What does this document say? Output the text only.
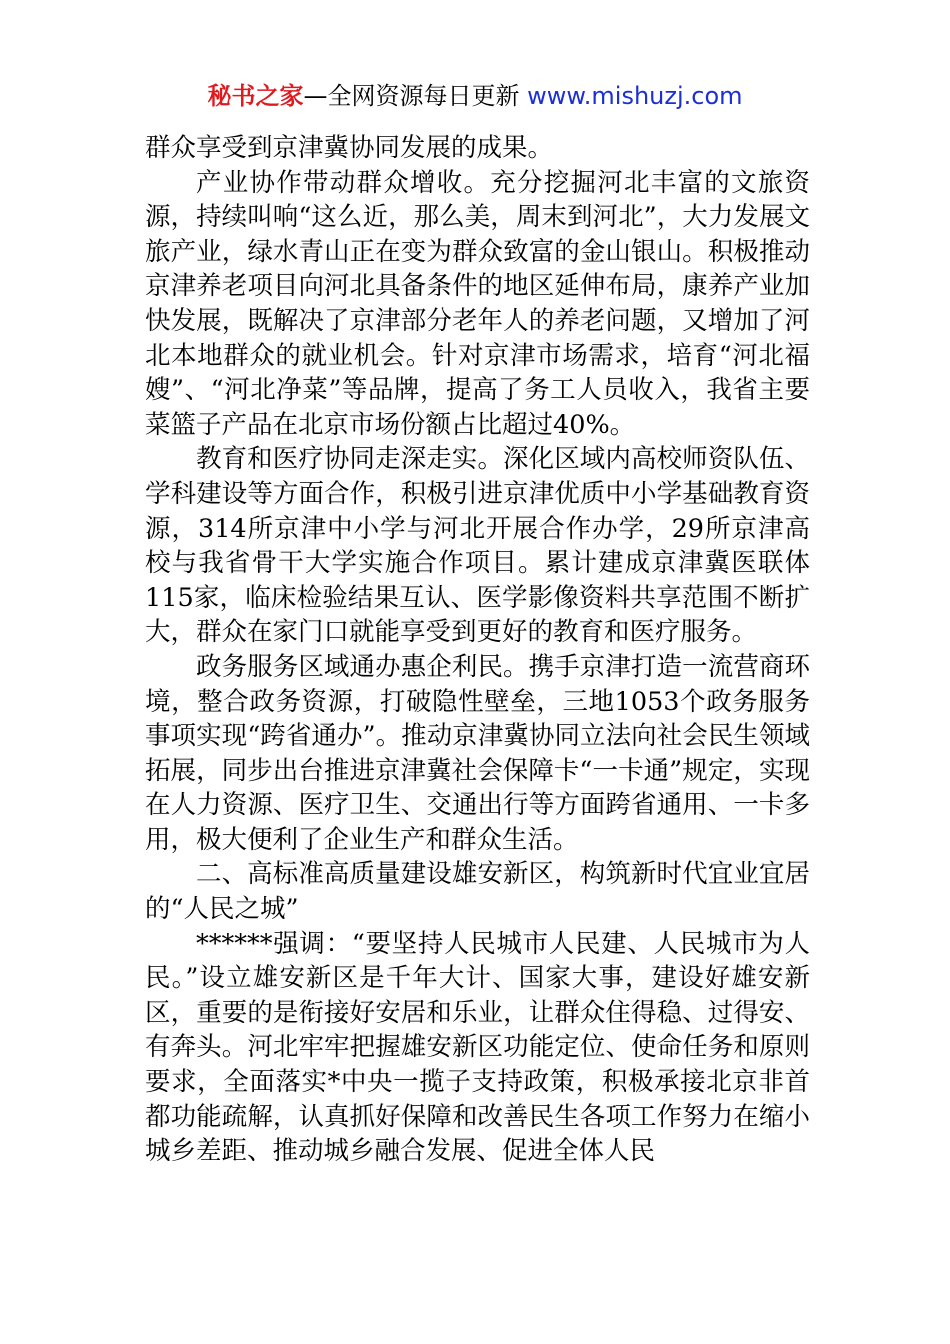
秘书之家—全网资源每日更新 www.mishuzj.com

群众享受到京津冀协同发展的成果。

产业协作带动群众增收。充分挖掘河北丰富的文旅资源，持续叫响“这么近，那么美，周末到河北”，大力发展文旅产业，绿水青山正在变为群众致富的金山银山。积极推动京津养老项目向河北具备条件的地区延伸布局，康养产业加快发展，既解决了京津部分老年人的养老问题，又增加了河北本地群众的就业机会。针对京津市场需求，培育“河北福嫂”、“河北净菜”等品牌，提高了务工人员收入，我省主要菜篮子产品在北京市场份额占比超过40%。

教育和医疗协同走深走实。深化区域内高校师资队伍、学科建设等方面合作，积极引进京津优质中小学基础教育资源，314所京津中小学与河北开展合作办学，29所京津高校与我省骨干大学实施合作项目。累计建成京津冀医联体115家，临床检验结果互认、医学影像资料共享范围不断扩大，群众在家门口就能享受到更好的教育和医疗服务。

政务服务区域通办惠企利民。携手京津打造一流营商环境，整合政务资源，打破隐性壁垒，三地1053个政务服务事项实现“跨省通办”。推动京津冀协同立法向社会民生领域拓展，同步出台推进京津冀社会保障卡“一卡通”规定，实现在人力资源、医疗卫生、交通出行等方面跨省通用、一卡多用，极大便利了企业生产和群众生活。

二、高标准高质量建设雄安新区，构筑新时代宜业宜居的“人民之城”

******强调：“要坚持人民城市人民建、人民城市为人民。”设立雄安新区是千年大计、国家大事，建设好雄安新区，重要的是衔接好安居和乐业，让群众住得稳、过得安、有奔头。河北牢牢把握雄安新区功能定位、使命任务和原则要求，全面落实*中央一揽子支持政策，积极承接北京非首都功能疏解，认真抓好保障和改善民生各项工作努力在缩小城乡差距、推动城乡融合发展、促进全体人民
